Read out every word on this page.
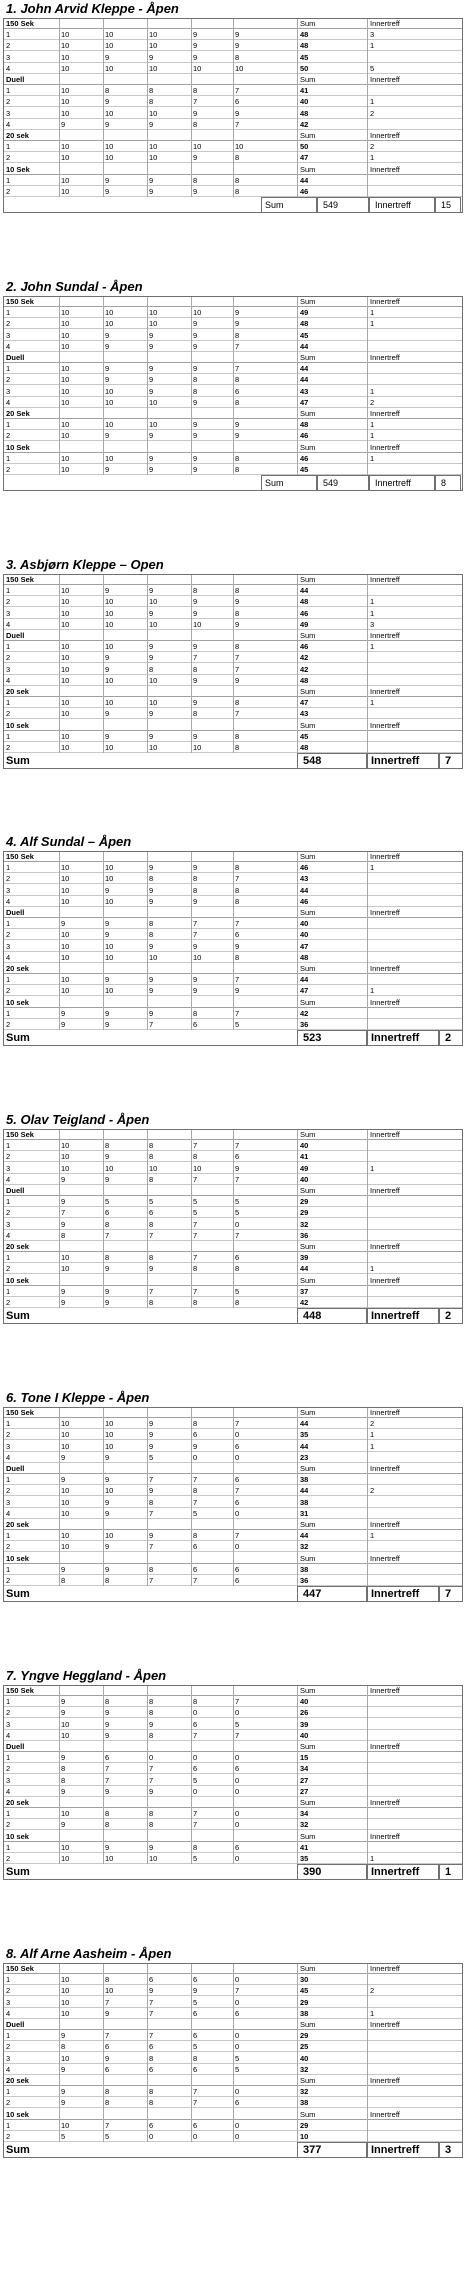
1. John Arvid Kleppe - Åpen
150 Sek	Sum	Innertreff
1	10	10	10	9	9	48	3
2	10	10	10	9	9	48	1
3	10	9	9	9	8	45
4	10	10	10	10	10	50	5
Duell	Sum	Innertreff
1	10	8	8	8	7	41
2	10	9	8	7	6	40	1
3	10	10	10	9	9	48	2
4	9	9	9	8	7	42
20 sek	Sum	Innertreff
1	10	10	10	10	10	50	2
2	10	10	10	9	8	47	1
10 Sek	Sum	Innertreff
1	10	9	9	8	8	44
2	10	9	9	9	8	46
Sum	549	Innertreff	15
2. John Sundal - Åpen
150 Sek	Sum	Innertreff
1	10	10	10	10	9	49	1
2	10	10	10	9	9	48	1
3	10	9	9	9	8	45
4	10	9	9	9	7	44
Duell	Sum	Innertreff
1	10	9	9	9	7	44
2	10	9	9	8	8	44
3	10	10	9	8	6	43	1
4	10	10	10	9	8	47	2
20 Sek	Sum	Innertreff
1	10	10	10	9	9	48	1
2	10	9	9	9	9	46	1
10 Sek	Sum	Innertreff
1	10	10	9	9	8	46	1
2	10	9	9	9	8	45
Sum	549	Innertreff	8
3. Asbjørn Kleppe – Open
150 Sek	Sum	Innertreff
1	10	9	9	8	8	44
2	10	10	10	9	9	48	1
3	10	10	9	9	8	46	1
4	10	10	10	10	9	49	3
Duell	Sum	Innertreff
1	10	10	9	9	8	46	1
2	10	9	9	7	7	42
3	10	9	8	8	7	42
4	10	10	10	9	9	48
20 sek	Sum	Innertreff
1	10	10	10	9	8	47	1
2	10	9	9	8	7	43
10 sek	Sum	Innertreff
1	10	9	9	9	8	45
2	10	10	10	10	8	48
Sum	548	Innertreff 7
4. Alf Sundal – Åpen
150 Sek	Sum	Innertreff
1	10	10	9	9	8	46	1
2	10	10	8	8	7	43
3	10	9	9	8	8	44
4	10	10	9	9	8	46
Duell	Sum	Innertreff
1	9	9	8	7	7	40
2	10	9	8	7	6	40
3	10	10	9	9	9	47
4	10	10	10	10	8	48
20 sek	Sum	Innertreff
1	10	9	9	9	7	44
2	10	10	9	9	9	47	1
10 sek	Sum	Innertreff
1	9	9	9	8	7	42
2	9	9	7	6	5	36
Sum	523	Innertreff 2
5. Olav Teigland - Åpen
150 Sek	Sum	Innertreff
1	10	8	8	7	7	40
2	10	9	8	8	6	41
3	10	10	10	10	9	49	1
4	9	9	8	7	7	40
Duell	Sum	Innertreff
1	9	5	5	5	5	29
2	7	6	6	5	5	29
3	9	8	8	7	0	32
4	8	7	7	7	7	36
20 sek	Sum	Innertreff
1	10	8	8	7	6	39
2	10	9	9	8	8	44	1
10 sek	Sum	Innertreff
1	9	9	7	7	5	37
2	9	9	8	8	8	42
Sum	448	Innertreff 2
6. Tone I Kleppe - Åpen
150 Sek	Sum	Innertreff
1	10	10	9	8	7	44	2
2	10	10	9	6	0	35	1
3	10	10	9	9	6	44	1
4	9	9	5	0	0	23
Duell	Sum	Innertreff
1	9	9	7	7	6	38
2	10	10	9	8	7	44	2
3	10	9	8	7	6	38
4	10	9	7	5	0	31
20 sek	Sum	Innertreff
1	10	10	9	8	7	44	1
2	10	9	7	6	0	32
10 sek	Sum	Innertreff
1	9	9	8	6	6	38
2	8	8	7	7	6	36
Sum	447	Innertreff 7
7. Yngve Heggland - Åpen
150 Sek	Sum	Innertreff
1	9	8	8	8	7	40
2	9	9	8	0	0	26
3	10	9	9	6	5	39
4	10	9	8	7	7	40
Duell	Sum	Innertreff
1	9	6	0	0	0	15
2	8	7	7	6	6	34
3	8	7	7	5	0	27
4	9	9	9	0	0	27
20 sek	Sum	Innertreff
1	10	8	8	7	0	34
2	9	8	8	7	0	32
10 sek	Sum	Innertreff
1	10	9	9	8	6	41
2	10	10	10	5	0	35	1
Sum	390	Innertreff 1
8. Alf Arne Aasheim - Åpen
150 Sek	Sum	Innertreff
1	10	8	6	6	0	30
2	10	10	9	9	7	45	2
3	10	7	7	5	0	29
4	10	9	7	6	6	38	1
Duell	Sum	Innertreff
1	9	7	7	6	0	29
2	8	6	6	5	0	25
3	10	9	8	8	5	40
4	9	6	6	6	5	32
20 sek	Sum	Innertreff
1	9	8	8	7	0	32
2	9	8	8	7	6	38
10 sek	Sum	Innertreff
1	10	7	6	6	0	29
2	5	5	0	0	0	10
Sum	377	Innertreff 3
